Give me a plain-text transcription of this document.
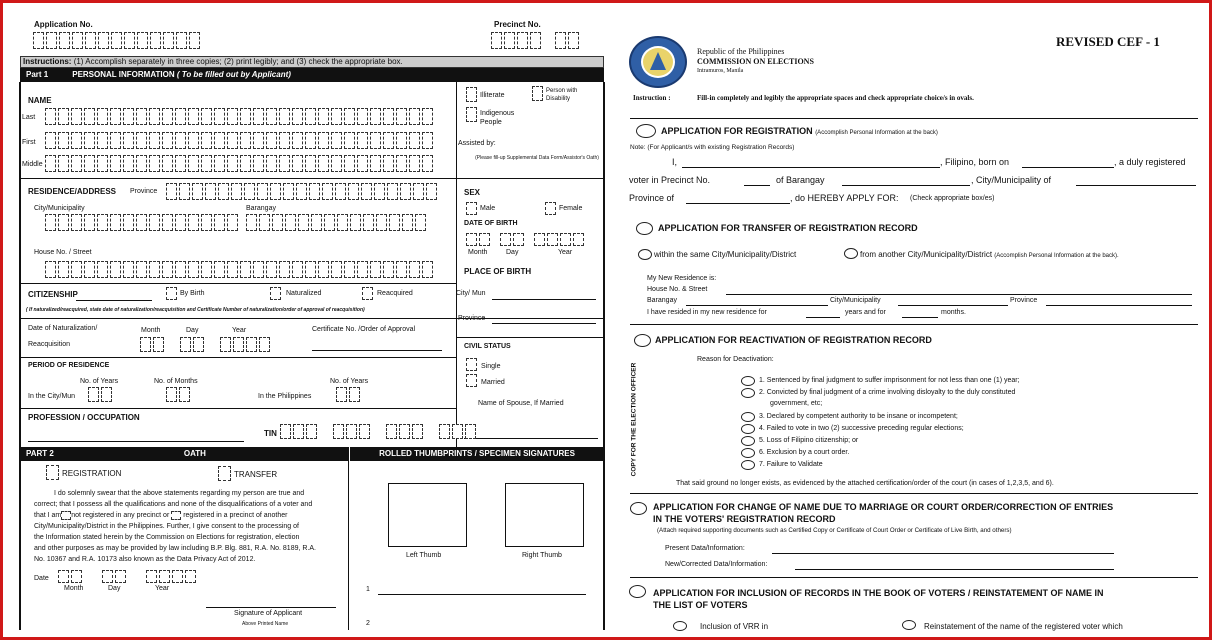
Application No.	Precinct No.
Instructions: (1) Accomplish separately in three copies; (2) print legibly; and (3) check the appropriate box.
Part 1	PERSONAL INFORMATION ( To be filled out by Applicant)
NAME
Last
First
Middle
Illiterate
Person with Disability
Indigenous People
Assisted by:
(Please fill-up Supplemental Data Form/Assistor's Oath)
RESIDENCE/ADDRESS Province
City/Municipality	Barangay
House No. / Street
SEX
Male	Female
DATE OF BIRTH
Month	Day	Year
PLACE OF BIRTH
City/ Mun
CITIZENSHIP	By Birth	Naturalized	Reacquired
( If naturalized/reacquired, state date of naturalization/reacquisition and Certificate Number of naturalization/order of approval of reacquisition)
Date of Naturalization/
Reacquisition
Month	Day	Year	Certificate No. /Order of Approval
PERIOD OF RESIDENCE
No. of Years	No. of Months	No. of Years
In the City/Mun	In the Philippines
CIVIL STATUS
Single
Married
Name of Spouse, If Married
PROFESSION / OCCUPATION
TIN
PART 2	OATH	ROLLED THUMBPRINTS / SPECIMEN SIGNATURES
REGISTRATION	TRANSFER
I do solemnly swear that the above statements regarding my person are true and
correct; that I possess all the qualifications and none of the disqualifications of a voter and
that I am not registered in any precinct or registered in a precinct of another
City/Municipality/District in the Philippines. Further, I give consent to the processing of
the Information stated herein by the Commission on Elections for registration, election
and other purposes as may be provided by law including B.P. Blg. 881, R.A. No. 8189, R.A.
No. 10367 and R.A. 10173 also known as the Data Privacy Act of 2012.
Date
Month	Day	Year
Signature of Applicant
Above Printed Name
Left Thumb	Right Thumb
1
2
Republic of the Philippines
COMMISSION ON ELECTIONS
Intramuros, Manila
REVISED CEF - 1
Instruction :	Fill-in completely and legibly the appropriate spaces and check appropriate choice/s in ovals.
APPLICATION FOR REGISTRATION (Accomplish Personal Information at the back)
Note: (For Applicant/s with existing Registration Records)
I,	, Filipino, born on	, a duly registered
voter in Precinct No.	of Barangay	, City/Municipality of
Province of	, do HEREBY APPLY FOR: (Check appropriate box/es)
APPLICATION FOR TRANSFER OF REGISTRATION RECORD
within the same City/Municipality/District	from another City/Municipality/District (Accomplish Personal Information at the back).
My New Residence is:
House No. & Street
Barangay	City/Municipality	Province
I have resided in my new residence for	years and for	months.
APPLICATION FOR REACTIVATION OF REGISTRATION RECORD
Reason for Deactivation:
COPY FOR THE ELECTION OFFICER	1. Sentenced by final judgment to suffer imprisonment for not less than one (1) year;
2. Convicted by final judgment of a crime involving disloyalty to the duly constituted
government, etc;
3. Declared by competent authority to be insane or incompetent;
4. Failed to vote in two (2) successive preceding regular elections;
5. Loss of Filipino citizenship; or
6. Exclusion by a court order.
7. Failure to Validate
That said ground no longer exists, as evidenced by the attached certification/order of the court (in cases of 1,2,3,5, and 6).
APPLICATION FOR CHANGE OF NAME DUE TO MARRIAGE OR COURT ORDER/CORRECTION OF ENTRIES
IN THE VOTERS' REGISTRATION RECORD
(Attach required supporting documents such as Certified Copy or Certificate of Court Order or Certificate of Live Birth, and others)
Present Data/Information:
New/Corrected Data/Information:
APPLICATION FOR INCLUSION OF RECORDS IN THE BOOK OF VOTERS / REINSTATEMENT OF NAME IN
THE LIST OF VOTERS
Inclusion of VRR in	Reinstatement of the name of the registered voter which
